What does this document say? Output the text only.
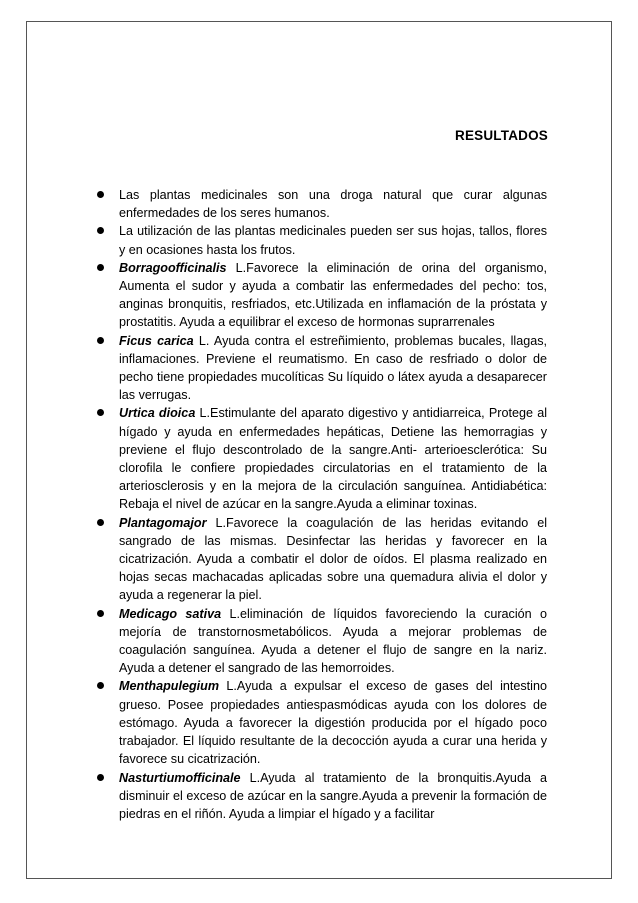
RESULTADOS
Las plantas medicinales son una droga natural que curar algunas enfermedades de los seres humanos.
La utilización de las plantas medicinales pueden ser sus hojas, tallos, flores y en ocasiones hasta los frutos.
Borragoofficinalis L.Favorece la eliminación de orina del organismo, Aumenta el sudor y ayuda a combatir las enfermedades del pecho: tos, anginas bronquitis, resfriados, etc.Utilizada en inflamación de la próstata y prostatitis. Ayuda a equilibrar el exceso de hormonas suprarrenales
Ficus carica L. Ayuda contra el estreñimiento, problemas bucales, llagas, inflamaciones. Previene el reumatismo. En caso de resfriado o dolor de pecho tiene propiedades mucolíticas Su líquido o látex ayuda a desaparecer las verrugas.
Urtica dioica L.Estimulante del aparato digestivo y antidiarreica, Protege al hígado y ayuda en enfermedades hepáticas, Detiene las hemorragias y previene el flujo descontrolado de la sangre.Anti- arterioesclerótica: Su clorofila le confiere propiedades circulatorias en el tratamiento de la arteriosclerosis y en la mejora de la circulación sanguínea. Antidiabética: Rebaja el nivel de azúcar en la sangre.Ayuda a eliminar toxinas.
Plantagomajor L.Favorece la coagulación de las heridas evitando el sangrado de las mismas. Desinfectar las heridas y favorecer en la cicatrización. Ayuda a combatir el dolor de oídos. El plasma realizado en hojas secas machacadas aplicadas sobre una quemadura alivia el dolor y ayuda a regenerar la piel.
Medicago sativa L.eliminación de líquidos favoreciendo la curación o mejoría de transtornosmetabólicos. Ayuda a mejorar problemas de coagulación sanguínea. Ayuda a detener el flujo de sangre en la nariz. Ayuda a detener el sangrado de las hemorroides.
Menthapulegium L.Ayuda a expulsar el exceso de gases del intestino grueso. Posee propiedades antiespasmódicas ayuda con los dolores de estómago. Ayuda a favorecer la digestión producida por el hígado poco trabajador. El líquido resultante de la decocción ayuda a curar una herida y favorece su cicatrización.
Nasturtiumofficinale L.Ayuda al tratamiento de la bronquitis.Ayuda a disminuir el exceso de azúcar en la sangre.Ayuda a prevenir la formación de piedras en el riñón. Ayuda a limpiar el hígado y a facilitar
